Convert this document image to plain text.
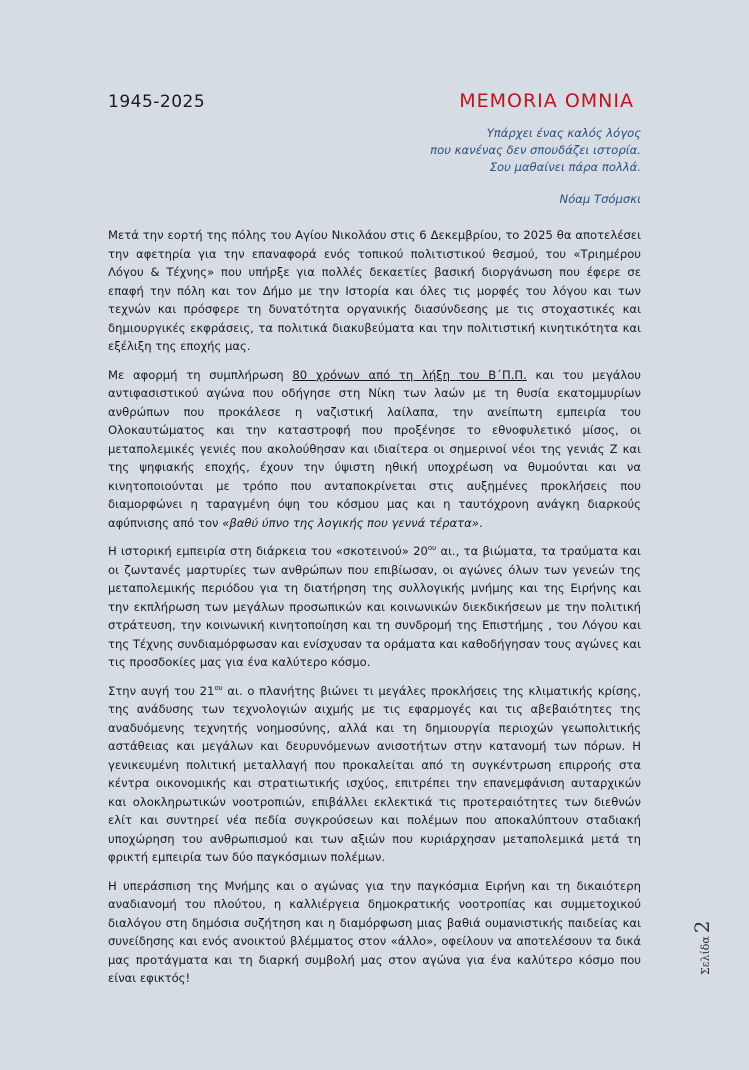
1945-2025	MEMORIA OMNIA
Υπάρχει ένας καλός λόγος
που κανένας δεν σπουδάζει ιστορία.
Σου μαθαίνει πάρα πολλά.
Νόαμ Τσόμσκι

Μετά την εορτή της πόλης του Αγίου Νικολάου στις 6 Δεκεμβρίου, το 2025 θα αποτελέσει την αφετηρία για την επαναφορά ενός τοπικού πολιτιστικού θεσμού, του «Τριημέρου Λόγου & Τέχνης» που υπήρξε για πολλές δεκαετίες βασική διοργάνωση που έφερε σε επαφή την πόλη και τον Δήμο με την Ιστορία και όλες τις μορφές του λόγου και των τεχνών και πρόσφερε τη δυνατότητα οργανικής διασύνδεσης με τις στοχαστικές και δημιουργικές εκφράσεις, τα πολιτικά διακυβεύματα και την πολιτιστική κινητικότητα και εξέλιξη της εποχής μας.

Με αφορμή τη συμπλήρωση 80 χρόνων από τη λήξη του Β΄Π.Π. και του μεγάλου αντιφασιστικού αγώνα που οδήγησε στη Νίκη των λαών με τη θυσία εκατομμυρίων ανθρώπων που προκάλεσε η ναζιστική λαίλαπα, την ανείπωτη εμπειρία του Ολοκαυτώματος και την καταστροφή που προξένησε το εθνοφυλετικό μίσος, οι μεταπολεμικές γενιές που ακολούθησαν και ιδιαίτερα οι σημερινοί νέοι της γενιάς Ζ και της ψηφιακής εποχής, έχουν την ύψιστη ηθική υποχρέωση να θυμούνται και να κινητοποιούνται με τρόπο που ανταποκρίνεται στις αυξημένες προκλήσεις που διαμορφώνει η ταραγμένη όψη του κόσμου μας και η ταυτόχρονη ανάγκη διαρκούς αφύπνισης από τον «βαθύ ύπνο της λογικής που γεννά τέρατα».

Η ιστορική εμπειρία στη διάρκεια του «σκοτεινού» $20^{o\upsilon}$ αι., τα βιώματα, τα τραύματα και οι ζωντανές μαρτυρίες των ανθρώπων που επιβίωσαν, οι αγώνες όλων των γενεών της μεταπολεμικής περιόδου για τη διατήρηση της συλλογικής μνήμης και της Ειρήνης και την εκπλήρωση των μεγάλων προσωπικών και κοινωνικών διεκδικήσεων με την πολιτική στράτευση, την κοινωνική κινητοποίηση και τη συνδρομή της Επιστήμης , του Λόγου και της Τέχνης συνδιαμόρφωσαν και ενίσχυσαν τα οράματα και καθοδήγησαν τους αγώνες και τις προσδοκίες μας για ένα καλύτερο κόσμο.

Στην αυγή του $21^{o\upsilon}$ αι. ο πλανήτης βιώνει τι μεγάλες προκλήσεις της κλιματικής κρίσης, της ανάδυσης των τεχνολογιών αιχμής με τις εφαρμογές και τις αβεβαιότητες της αναδυόμενης τεχνητής νοημοσύνης, αλλά και τη δημιουργία περιοχών γεωπολιτικής αστάθειας και μεγάλων και δευρυνόμενων ανισοτήτων στην κατανομή των πόρων. Η γενικευμένη πολιτική μεταλλαγή που προκαλείται από τη συγκέντρωση επιρροής στα κέντρα οικονομικής και στρατιωτικής ισχύος, επιτρέπει την επανεμφάνιση αυταρχικών και ολοκληρωτικών νοοτροπιών, επιβάλλει εκλεκτικά τις προτεραιότητες των διεθνών ελίτ και συντηρεί νέα πεδία συγκρούσεων και πολέμων που αποκαλύπτουν σταδιακή υποχώρηση του ανθρωπισμού και των αξιών που κυριάρχησαν μεταπολεμικά μετά τη φρικτή εμπειρία των δύο παγκόσμιων πολέμων.

Η υπεράσπιση της Μνήμης και ο αγώνας για την παγκόσμια Ειρήνη και τη δικαιότερη αναδιανομή του πλούτου, η καλλιέργεια δημοκρατικής νοοτροπίας και συμμετοχικού διαλόγου στη δημόσια συζήτηση και η διαμόρφωση μιας βαθιά ουμανιστικής παιδείας και συνείδησης και ενός ανοικτού βλέμματος στον «άλλο», οφείλουν να αποτελέσουν τα δικά μας προτάγματα και τη διαρκή συμβολή μας στον αγώνα για ένα καλύτερο κόσμο που είναι εφικτός!

Σελίδα2
